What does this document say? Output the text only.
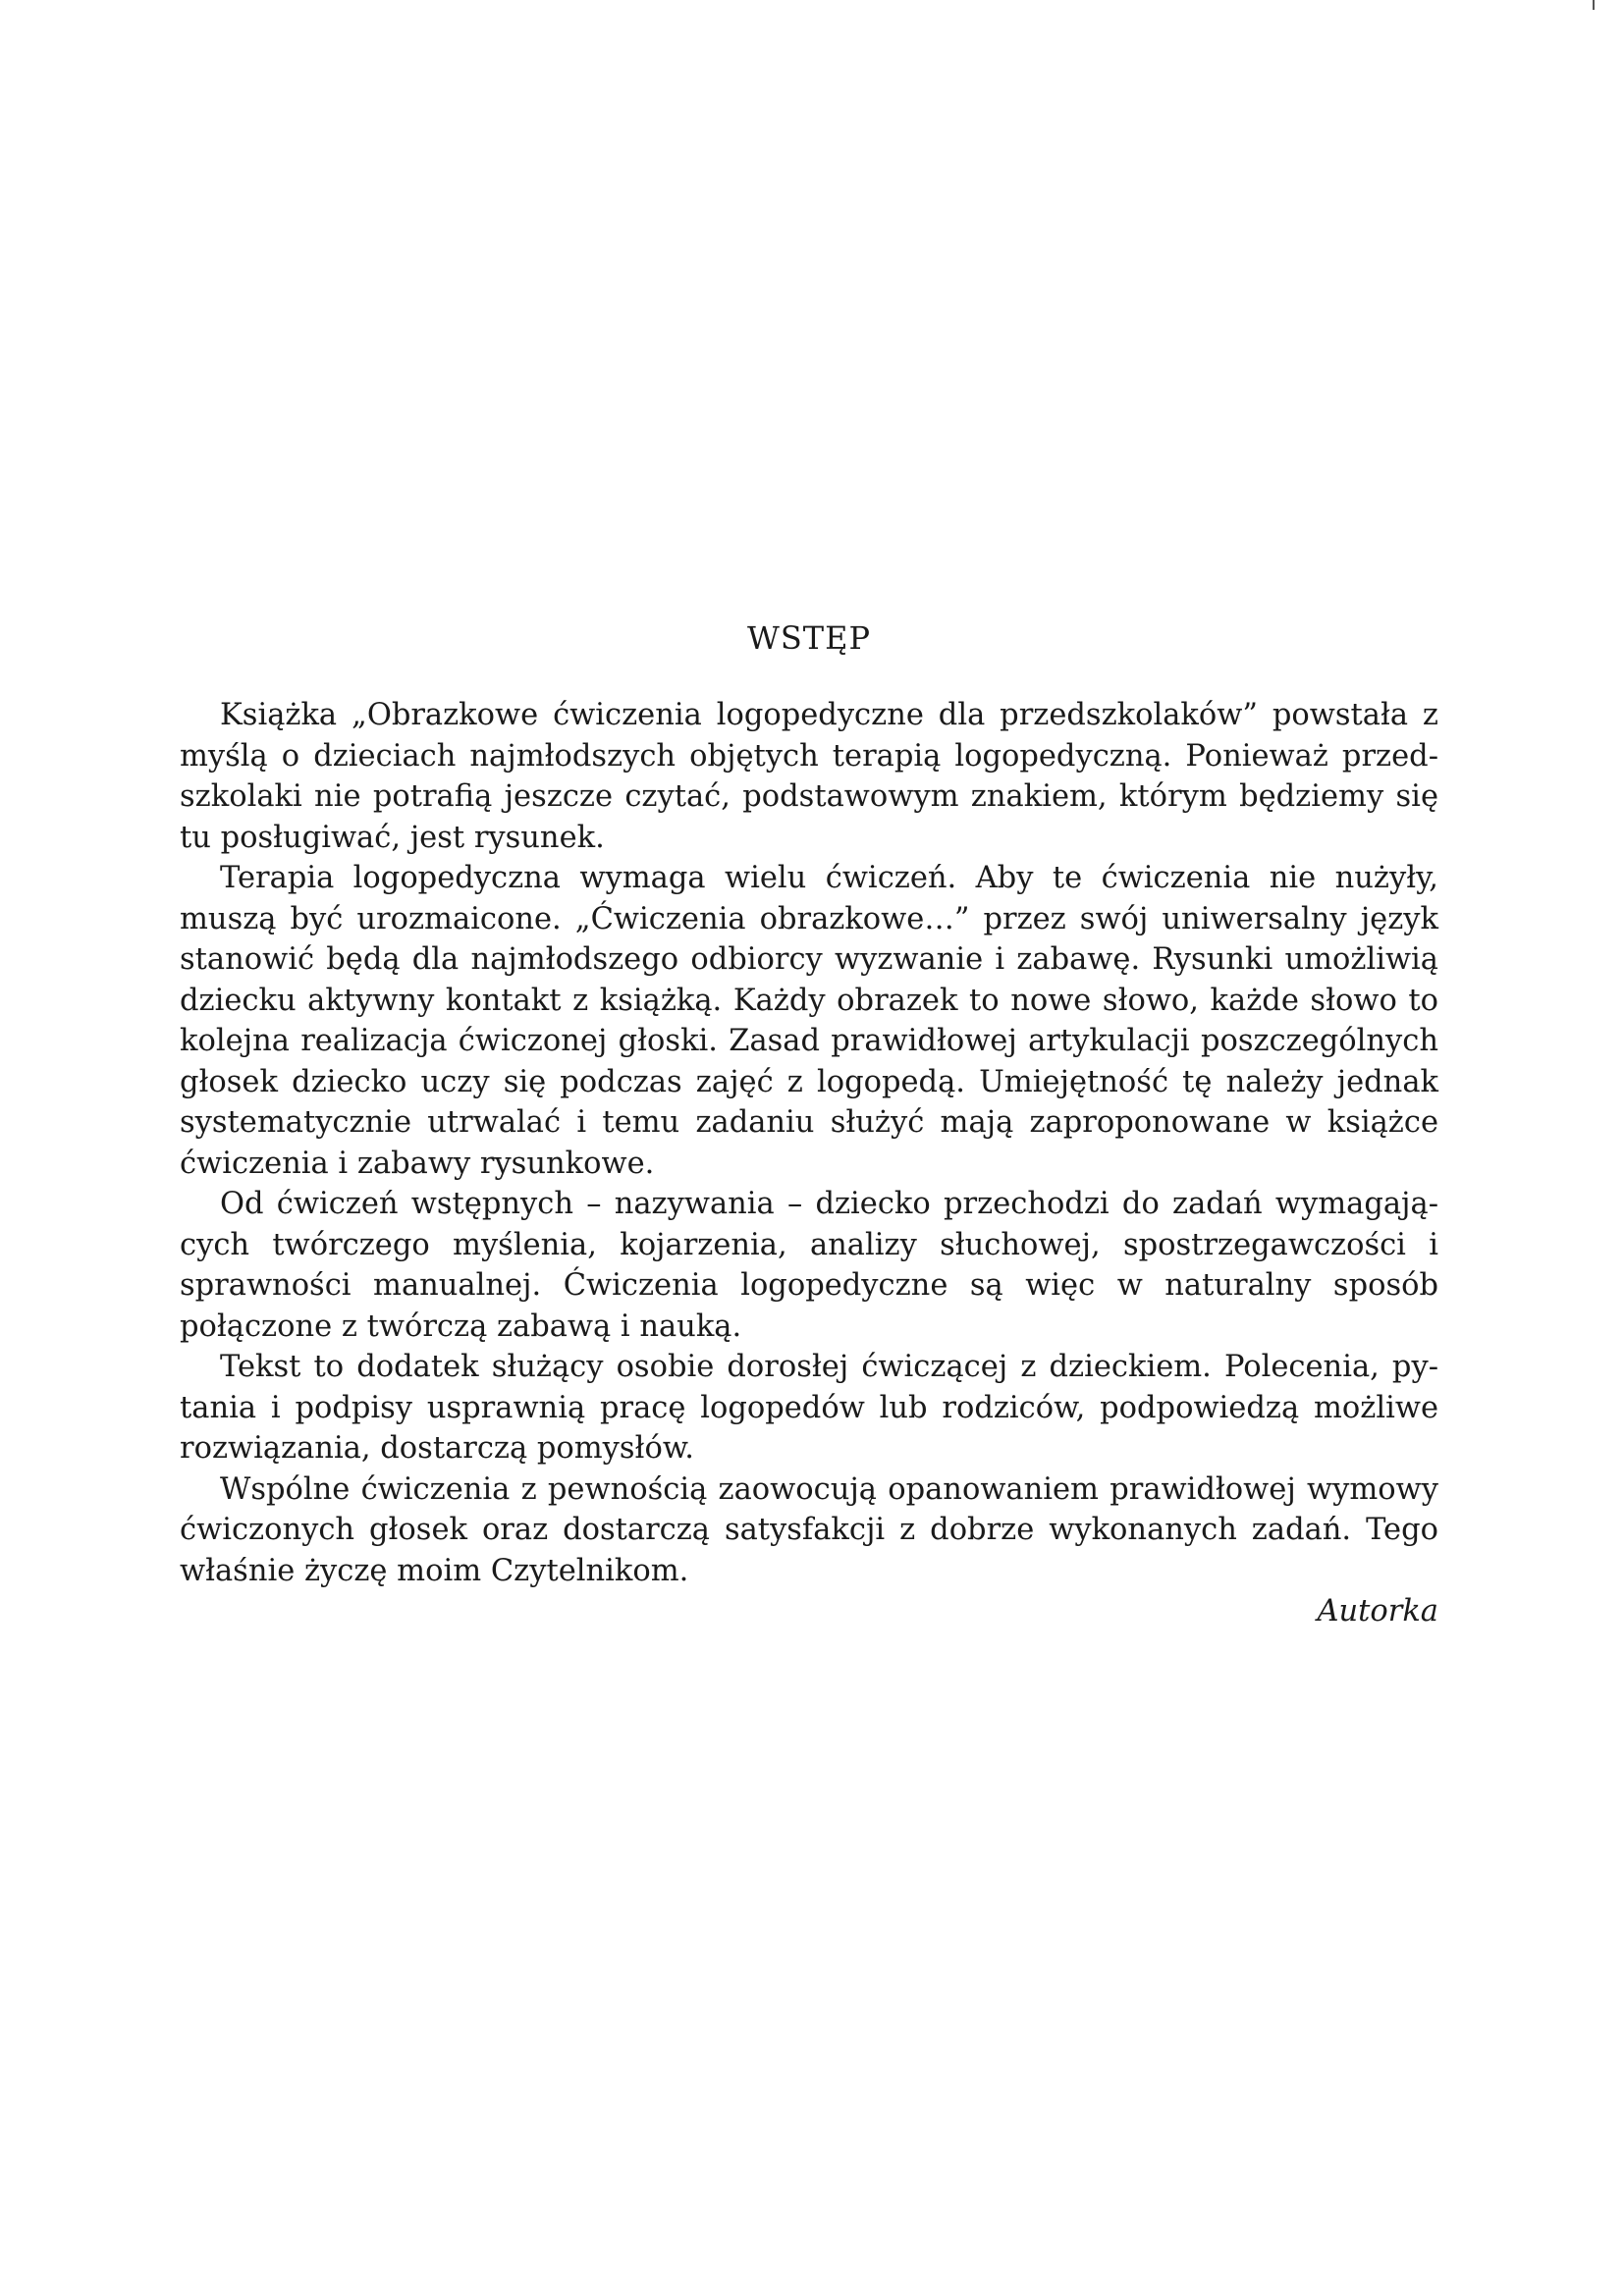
WSTĘP

Książka „Obrazkowe ćwiczenia logopedyczne dla przedszkolaków” powstała z myślą o dzieciach najmłodszych objętych terapią logopedyczną. Ponieważ przedszkolaki nie potrafią jeszcze czytać, podstawowym znakiem, którym będziemy się tu posługiwać, jest rysunek.

Terapia logopedyczna wymaga wielu ćwiczeń. Aby te ćwiczenia nie nużyły, muszą być urozmaicone. „Ćwiczenia obrazkowe…” przez swój uniwersalny język stanowić będą dla najmłodszego odbiorcy wyzwanie i zabawę. Rysunki umożliwią dziecku aktywny kontakt z książką. Każdy obrazek to nowe słowo, każde słowo to kolejna realizacja ćwiczonej głoski. Zasad prawidłowej artykulacji poszczególnych głosek dziecko uczy się podczas zajęć z logopedą. Umiejętność tę należy jednak systematycznie utrwalać i temu zadaniu służyć mają zaproponowane w książce ćwiczenia i zabawy rysunkowe.

Od ćwiczeń wstępnych – nazywania – dziecko przechodzi do zadań wymagających twórczego myślenia, kojarzenia, analizy słuchowej, spostrzegawczości i sprawności manualnej. Ćwiczenia logopedyczne są więc w naturalny sposób połączone z twórczą zabawą i nauką.

Tekst to dodatek służący osobie dorosłej ćwiczącej z dzieckiem. Polecenia, pytania i podpisy usprawnią pracę logopedów lub rodziców, podpowiedzą możliwe rozwiązania, dostarczą pomysłów.

Wspólne ćwiczenia z pewnością zaowocują opanowaniem prawidłowej wymowy ćwiczonych głosek oraz dostarczą satysfakcji z dobrze wykonanych zadań. Tego właśnie życzę moim Czytelnikom.

Autorka
